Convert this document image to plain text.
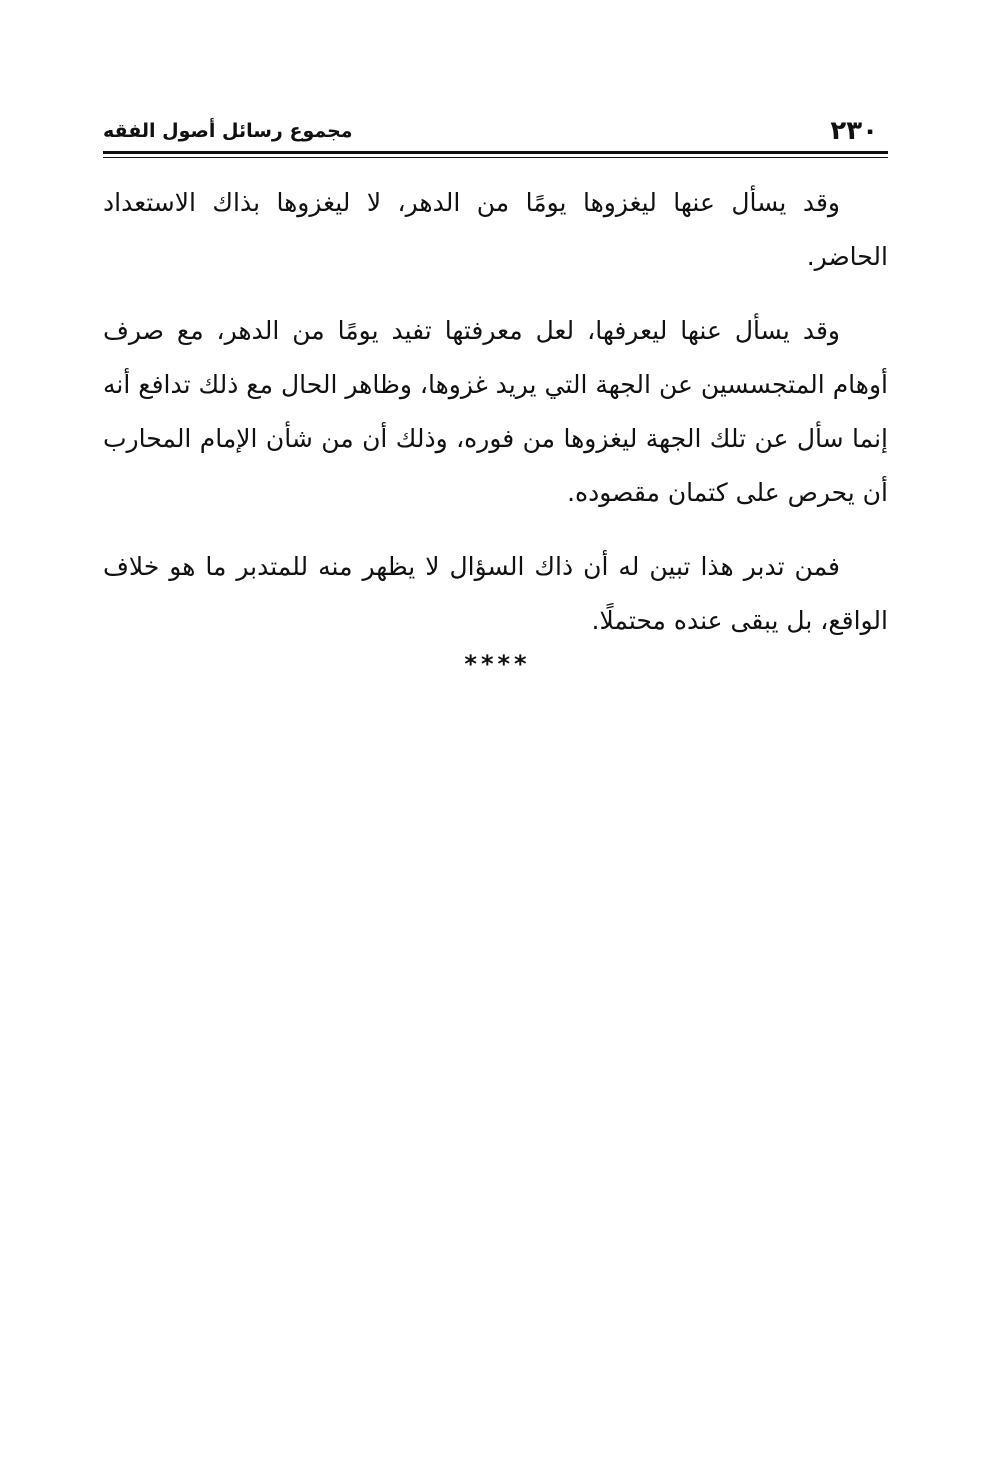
٢٣٠
مجموع رسائل أصول الفقه

وقد يسأل عنها ليغزوها يومًا من الدهر، لا ليغزوها بذاك الاستعداد الحاضر.

وقد يسأل عنها ليعرفها، لعل معرفتها تفيد يومًا من الدهر، مع صرف أوهام المتجسسين عن الجهة التي يريد غزوها، وظاهر الحال مع ذلك تدافع أنه إنما سأل عن تلك الجهة ليغزوها من فوره، وذلك أن من شأن الإمام المحارب أن يحرص على كتمان مقصوده.

فمن تدبر هذا تبين له أن ذاك السؤال لا يظهر منه للمتدبر ما هو خلاف الواقع، بل يبقى عنده محتملًا.

****
